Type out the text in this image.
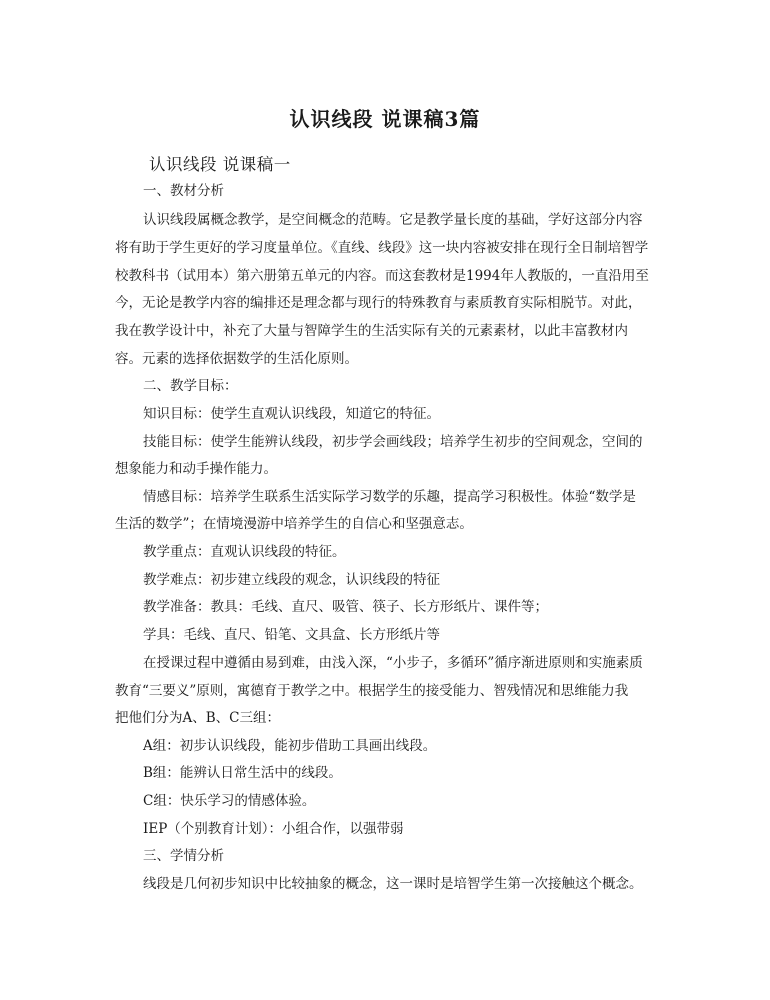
认识线段 说课稿3篇
认识线段 说课稿一
一、教材分析
认识线段属概念教学，是空间概念的范畴。它是教学量长度的基础，学好这部分内容
将有助于学生更好的学习度量单位。《直线、线段》这一块内容被安排在现行全日制培智学
校教科书（试用本）第六册第五单元的内容。而这套教材是1994年人教版的，一直沿用至
今，无论是教学内容的编排还是理念都与现行的特殊教育与素质教育实际相脱节。对此，
我在教学设计中，补充了大量与智障学生的生活实际有关的元素素材，以此丰富教材内
容。元素的选择依据数学的生活化原则。
二、教学目标：
知识目标：使学生直观认识线段，知道它的特征。
技能目标：使学生能辨认线段，初步学会画线段；培养学生初步的空间观念，空间的
想象能力和动手操作能力。
情感目标：培养学生联系生活实际学习数学的乐趣，提高学习积极性。体验“数学是
生活的数学”；在情境漫游中培养学生的自信心和坚强意志。
教学重点：直观认识线段的特征。
教学难点：初步建立线段的观念，认识线段的特征
教学准备：教具：毛线、直尺、吸管、筷子、长方形纸片、课件等；
学具：毛线、直尺、铅笔、文具盒、长方形纸片等
在授课过程中遵循由易到难，由浅入深，“小步子，多循环”循序渐进原则和实施素质
教育“三要义”原则，寓德育于教学之中。根据学生的接受能力、智残情况和思维能力我
把他们分为A、B、C三组：
A组：初步认识线段，能初步借助工具画出线段。
B组：能辨认日常生活中的线段。
C组：快乐学习的情感体验。
IEP（个别教育计划）：小组合作，以强带弱
三、学情分析
线段是几何初步知识中比较抽象的概念，这一课时是培智学生第一次接触这个概念。
